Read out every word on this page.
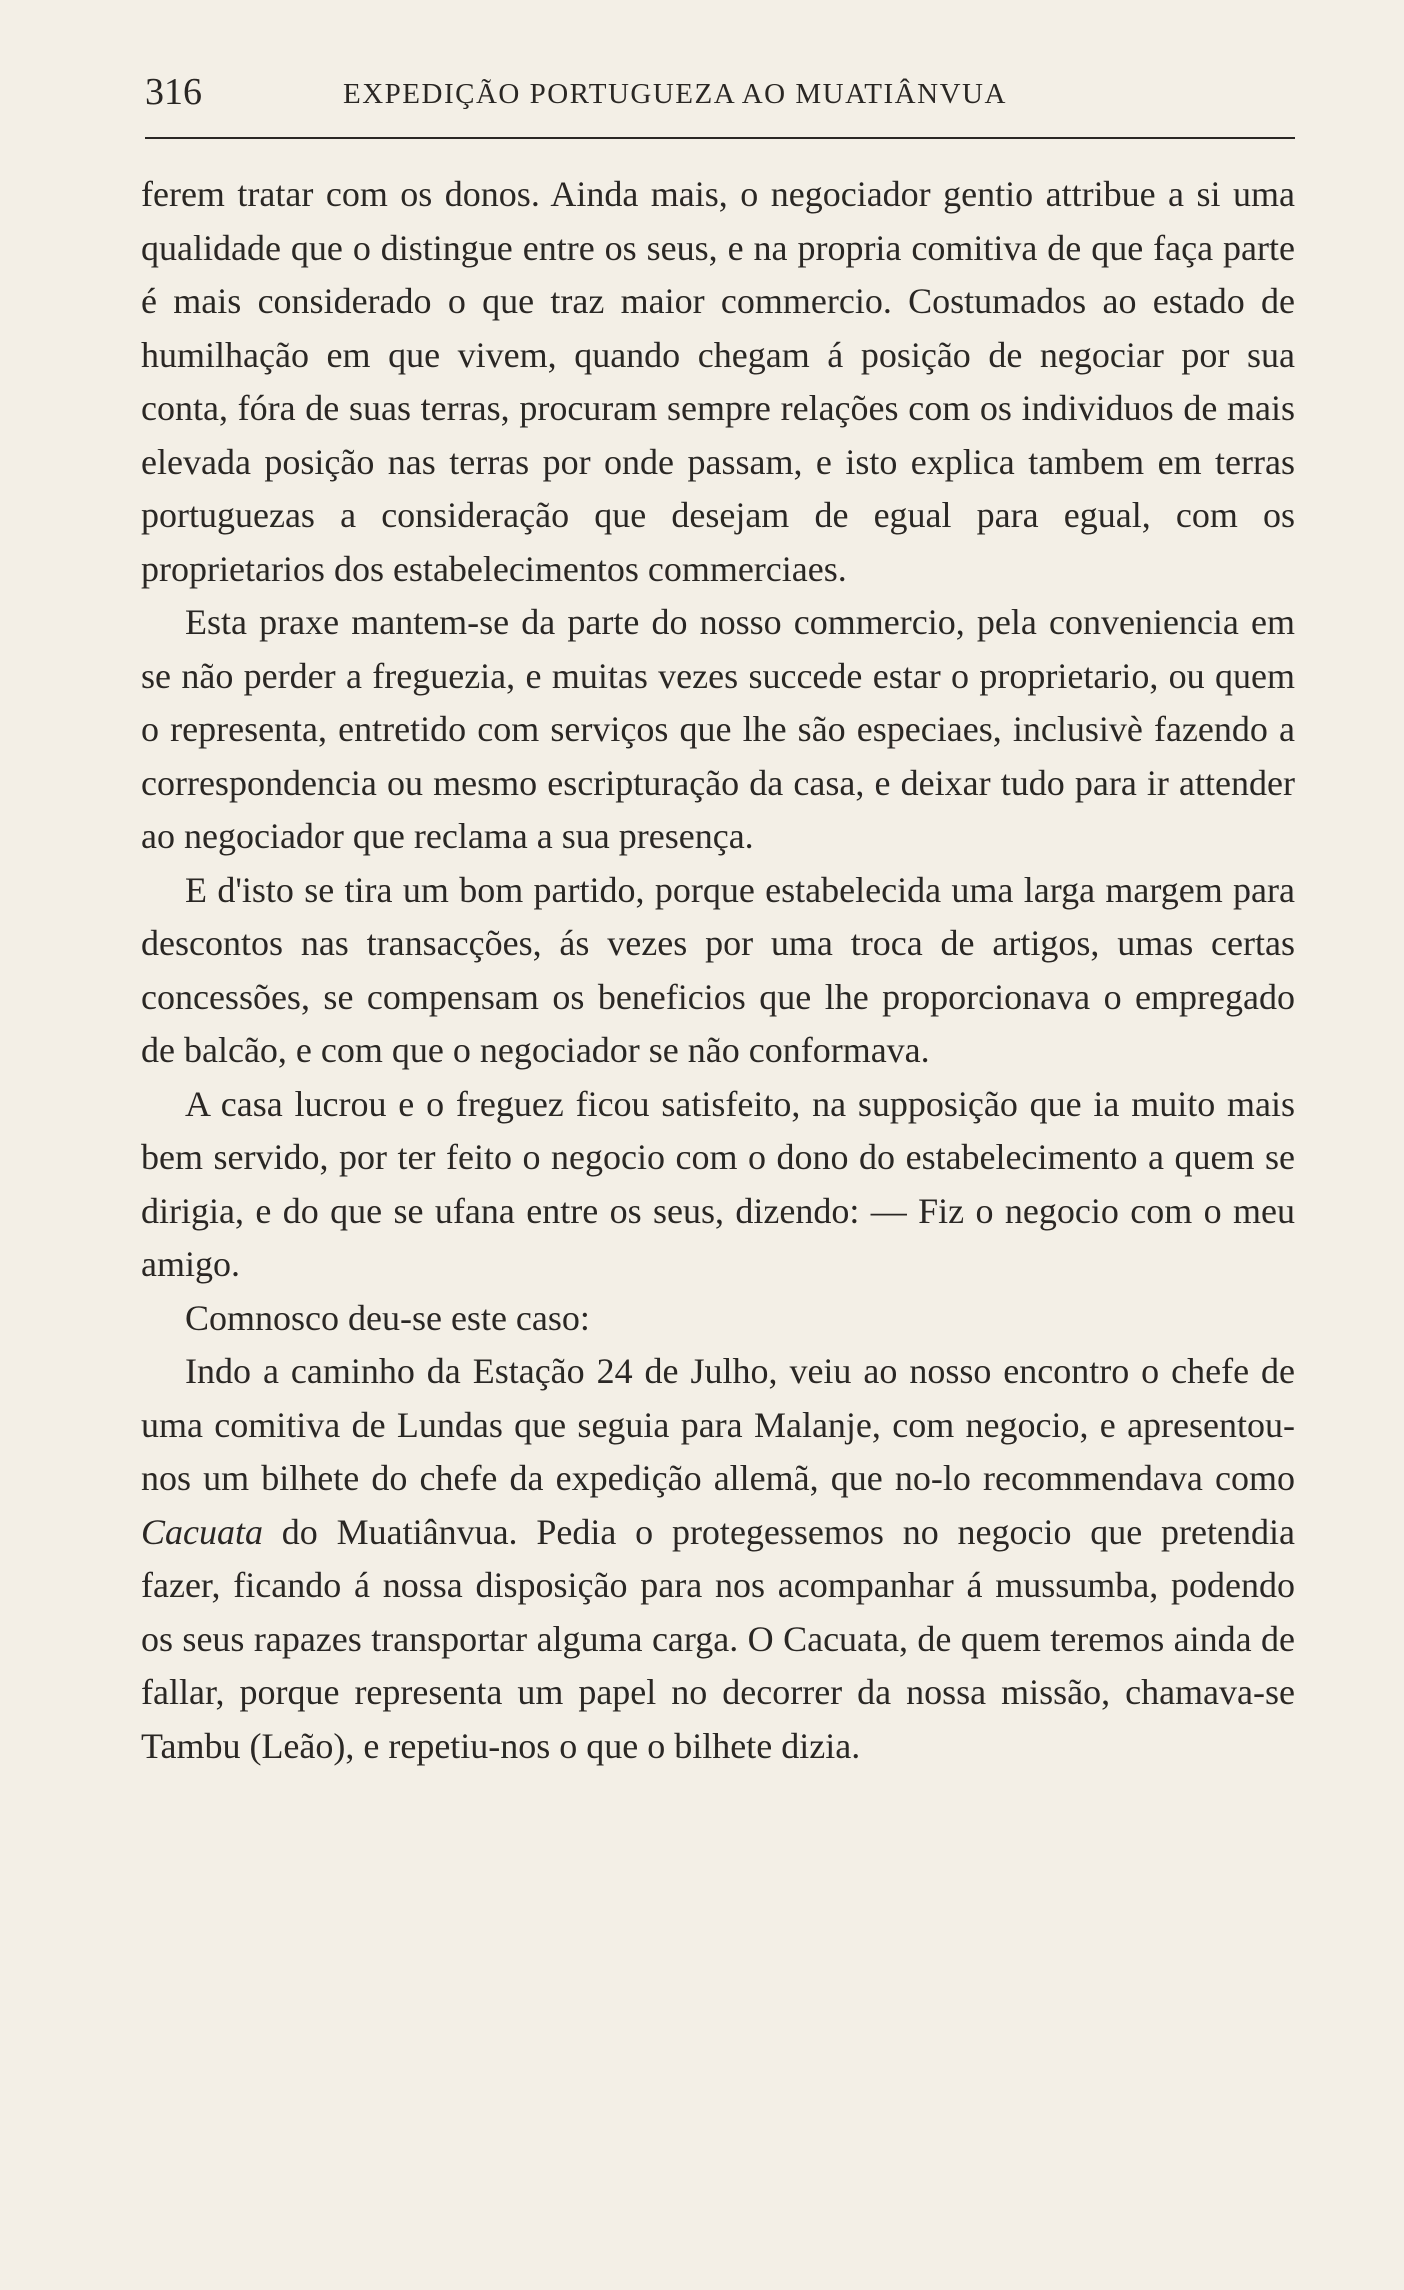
316	EXPEDIÇÃO PORTUGUEZA AO MUATIÂNVUA

ferem tratar com os donos. Ainda mais, o negociador gentio attribue a si uma qualidade que o distingue entre os seus, e na propria comitiva de que faça parte é mais considerado o que traz maior commercio. Costumados ao estado de humilhação em que vivem, quando chegam á posição de negociar por sua conta, fóra de suas terras, procuram sempre relações com os individuos de mais elevada posição nas terras por onde passam, e isto explica tambem em terras portuguezas a consideração que desejam de egual para egual, com os proprietarios dos estabelecimentos commerciaes.

Esta praxe mantem-se da parte do nosso commercio, pela conveniencia em se não perder a freguezia, e muitas vezes succede estar o proprietario, ou quem o representa, entretido com serviços que lhe são especiaes, inclusivè fazendo a correspondencia ou mesmo escripturação da casa, e deixar tudo para ir attender ao negociador que reclama a sua presença.

E d'isto se tira um bom partido, porque estabelecida uma larga margem para descontos nas transacções, ás vezes por uma troca de artigos, umas certas concessões, se compensam os beneficios que lhe proporcionava o empregado de balcão, e com que o negociador se não conformava.

A casa lucrou e o freguez ficou satisfeito, na supposição que ia muito mais bem servido, por ter feito o negocio com o dono do estabelecimento a quem se dirigia, e do que se ufana entre os seus, dizendo: — Fiz o negocio com o meu amigo.

Comnosco deu-se este caso:

Indo a caminho da Estação 24 de Julho, veiu ao nosso encontro o chefe de uma comitiva de Lundas que seguia para Malanje, com negocio, e apresentou-nos um bilhete do chefe da expedição allemã, que no-lo recommendava como Cacuata do Muatiânvua. Pedia o protegessemos no negocio que pretendia fazer, ficando á nossa disposição para nos acompanhar á mussumba, podendo os seus rapazes transportar alguma carga. O Cacuata, de quem teremos ainda de fallar, porque representa um papel no decorrer da nossa missão, chamava-se Tambu (Leão), e repetiu-nos o que o bilhete dizia.
